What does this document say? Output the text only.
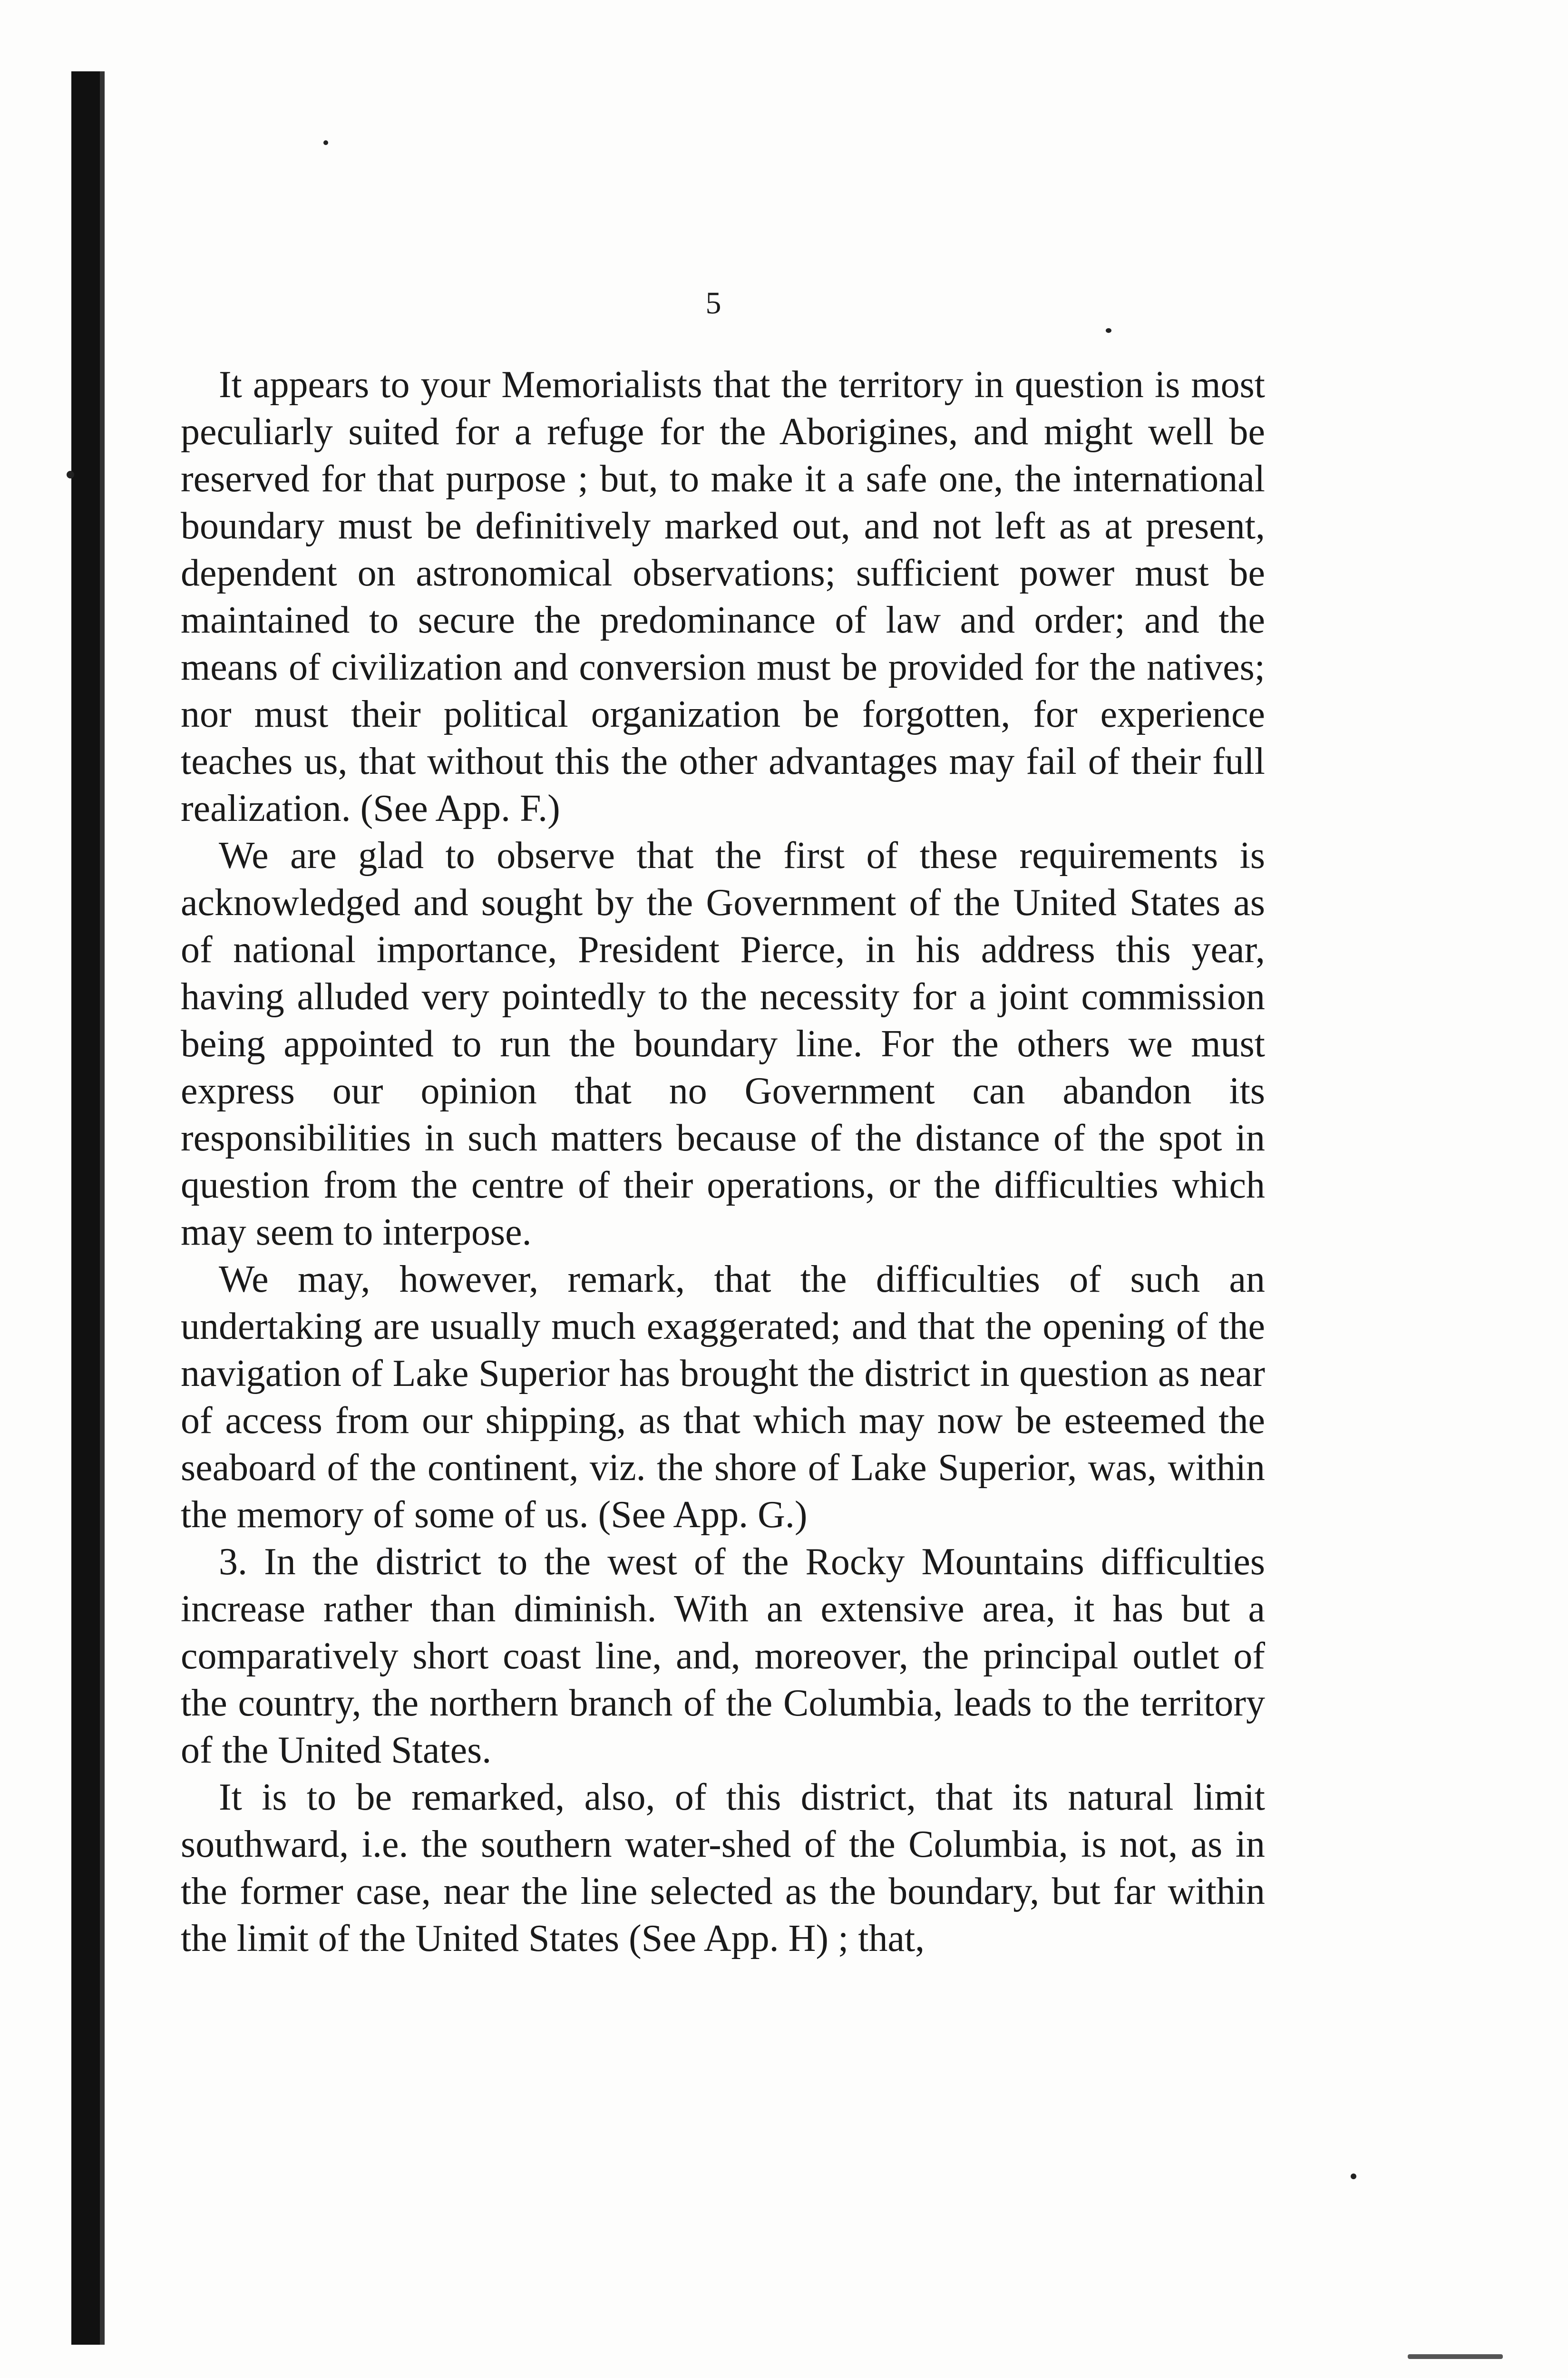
5

It appears to your Memorialists that the territory in question is most peculiarly suited for a refuge for the Aborigines, and might well be reserved for that purpose ; but, to make it a safe one, the international boundary must be definitively marked out, and not left as at present, dependent on astronomical observations; sufficient power must be maintained to secure the predominance of law and order; and the means of civilization and conversion must be provided for the natives; nor must their political organization be forgotten, for experience teaches us, that without this the other advantages may fail of their full realization. (See App. F.)

We are glad to observe that the first of these requirements is acknowledged and sought by the Government of the United States as of national importance, President Pierce, in his address this year, having alluded very pointedly to the necessity for a joint commission being appointed to run the boundary line. For the others we must express our opinion that no Government can abandon its responsibilities in such matters because of the distance of the spot in question from the centre of their operations, or the difficulties which may seem to interpose.

We may, however, remark, that the difficulties of such an undertaking are usually much exaggerated; and that the opening of the navigation of Lake Superior has brought the district in question as near of access from our shipping, as that which may now be esteemed the seaboard of the continent, viz. the shore of Lake Superior, was, within the memory of some of us. (See App. G.)

3. In the district to the west of the Rocky Mountains difficulties increase rather than diminish. With an extensive area, it has but a comparatively short coast line, and, moreover, the principal outlet of the country, the northern branch of the Columbia, leads to the territory of the United States.

It is to be remarked, also, of this district, that its natural limit southward, i.e. the southern water-shed of the Columbia, is not, as in the former case, near the line selected as the boundary, but far within the limit of the United States (See App. H) ; that,
